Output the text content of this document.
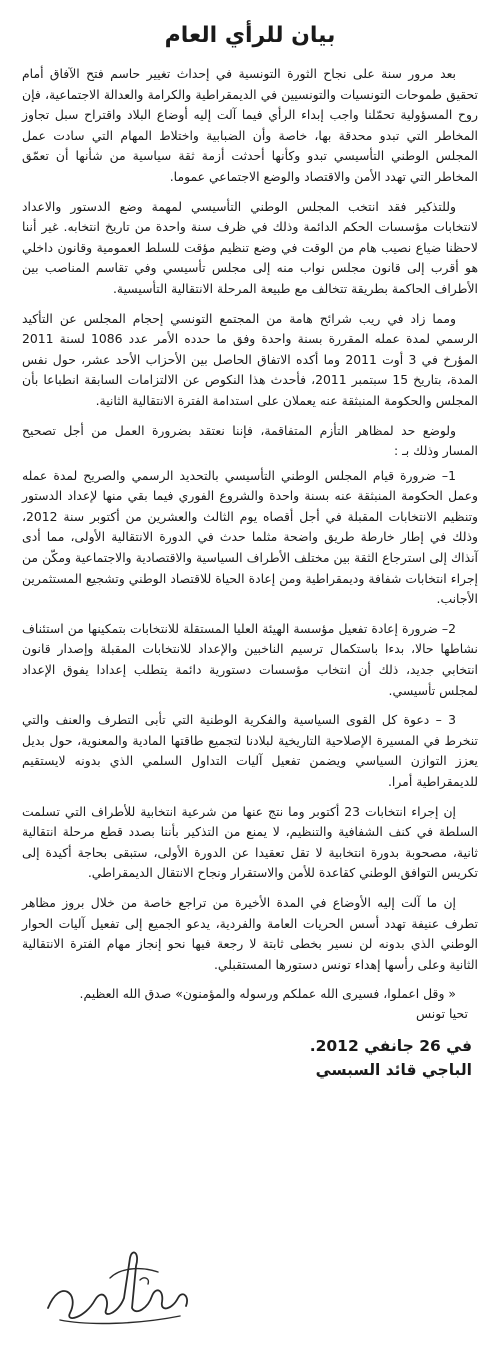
بيان للرأي العام

بعد مرور سنة على نجاح الثورة التونسية في إحداث تغيير حاسم فتح الآفاق أمام تحقيق طموحات التونسيات والتونسيين في الديمقراطية والكرامة والعدالة الاجتماعية، فإن روح المسؤولية تحمّلنا واجب إبداء الرأي فيما آلت إليه أوضاع البلاد واقتراح سبل تجاوز المخاطر التي تبدو محدقة بها، خاصة وأن الضبابية واختلاط المهام التي سادت عمل المجلس الوطني التأسيسي تبدو وكأنها أحدثت أزمة ثقة سياسية من شأنها أن تعمّق المخاطر التي تهدد الأمن والاقتصاد والوضع الاجتماعي عموما.

وللتذكير فقد انتخب المجلس الوطني التأسيسي لمهمة وضع الدستور والاعداد لانتخابات مؤسسات الحكم الدائمة وذلك في ظرف سنة واحدة من تاريخ انتخابه. غير أننا لاحظنا ضياع نصيب هام من الوقت في وضع تنظيم مؤقت للسلط العمومية وقانون داخلي هو أقرب إلى قانون مجلس نواب منه إلى مجلس تأسيسي وفي تقاسم المناصب بين الأطراف الحاكمة بطريقة تتخالف مع طبيعة المرحلة الانتقالية التأسيسية.

ومما زاد في ريب شرائح هامة من المجتمع التونسي إحجام المجلس عن التأكيد الرسمي لمدة عمله المقررة بسنة واحدة وفق ما حدده الأمر عدد 1086 لسنة 2011 المؤرخ في 3 أوت 2011 وما أكده الاتفاق الحاصل بين الأحزاب الأحد عشر، حول نفس المدة، بتاريخ 15 سبتمبر 2011، فأحدث هذا النكوص عن الالتزامات السابقة انطباعا بأن المجلس والحكومة المنبثقة عنه يعملان على استدامة الفترة الانتقالية الثانية.

ولوضع حد لمظاهر التأزم المتفاقمة، فإننا نعتقد بضرورة العمل من أجل تصحيح المسار وذلك بـ :

1– ضرورة قيام المجلس الوطني التأسيسي بالتحديد الرسمي والصريح لمدة عمله وعمل الحكومة المنبثقة عنه بسنة واحدة والشروع الفوري فيما بقي منها لإعداد الدستور وتنظيم الانتخابات المقبلة في أجل أقصاه يوم الثالث والعشرين من أكتوبر سنة 2012، وذلك في إطار خارطة طريق واضحة مثلما حدث في الدورة الانتقالية الأولى، مما أدى آنذاك إلى استرجاع الثقة بين مختلف الأطراف السياسية والاقتصادية والاجتماعية ومكّن من إجراء انتخابات شفافة وديمقراطية ومن إعادة الحياة للاقتصاد الوطني وتشجيع المستثمرين الأجانب.

2– ضرورة إعادة تفعيل مؤسسة الهيئة العليا المستقلة للانتخابات بتمكينها من استئناف نشاطها حالا، بدءا باستكمال ترسيم الناخبين والإعداد للانتخابات المقبلة وإصدار قانون انتخابي جديد، ذلك أن انتخاب مؤسسات دستورية دائمة يتطلب إعدادا يفوق الإعداد لمجلس تأسيسي.

3 – دعوة كل القوى السياسية والفكرية الوطنية التي تأبى التطرف والعنف والتي تنخرط في المسيرة الإصلاحية التاريخية لبلادنا لتجميع طاقتها المادية والمعنوية، حول بديل يعزز التوازن السياسي ويضمن تفعيل آليات التداول السلمي الذي بدونه لايستقيم للديمقراطية أمرا.

إن إجراء انتخابات 23 أكتوبر وما نتج عنها من شرعية انتخابية للأطراف التي تسلمت السلطة في كنف الشفافية والتنظيم، لا يمنع من التذكير بأننا بصدد قطع مرحلة انتقالية ثانية، مصحوبة بدورة انتخابية لا تقل تعقيدا عن الدورة الأولى، ستبقى بحاجة أكيدة إلى تكريس التوافق الوطني كقاعدة للأمن والاستقرار ونجاح الانتقال الديمقراطي.

إن ما آلت إليه الأوضاع في المدة الأخيرة من تراجع خاصة من خلال بروز مظاهر تطرف عنيفة تهدد أسس الحريات العامة والفردية، يدعو الجميع إلى تفعيل آليات الحوار الوطني الذي بدونه لن نسير بخطى ثابتة لا رجعة فيها نحو إنجاز مهام الفترة الانتقالية الثانية وعلى رأسها إهداء تونس دستورها المستقبلي.

« وقل اعملوا، فسيرى الله عملكم ورسوله والمؤمنون» صدق الله العظيم.

تحيا تونس

في 26 جانفي 2012.

الباجي قائد السبسي
